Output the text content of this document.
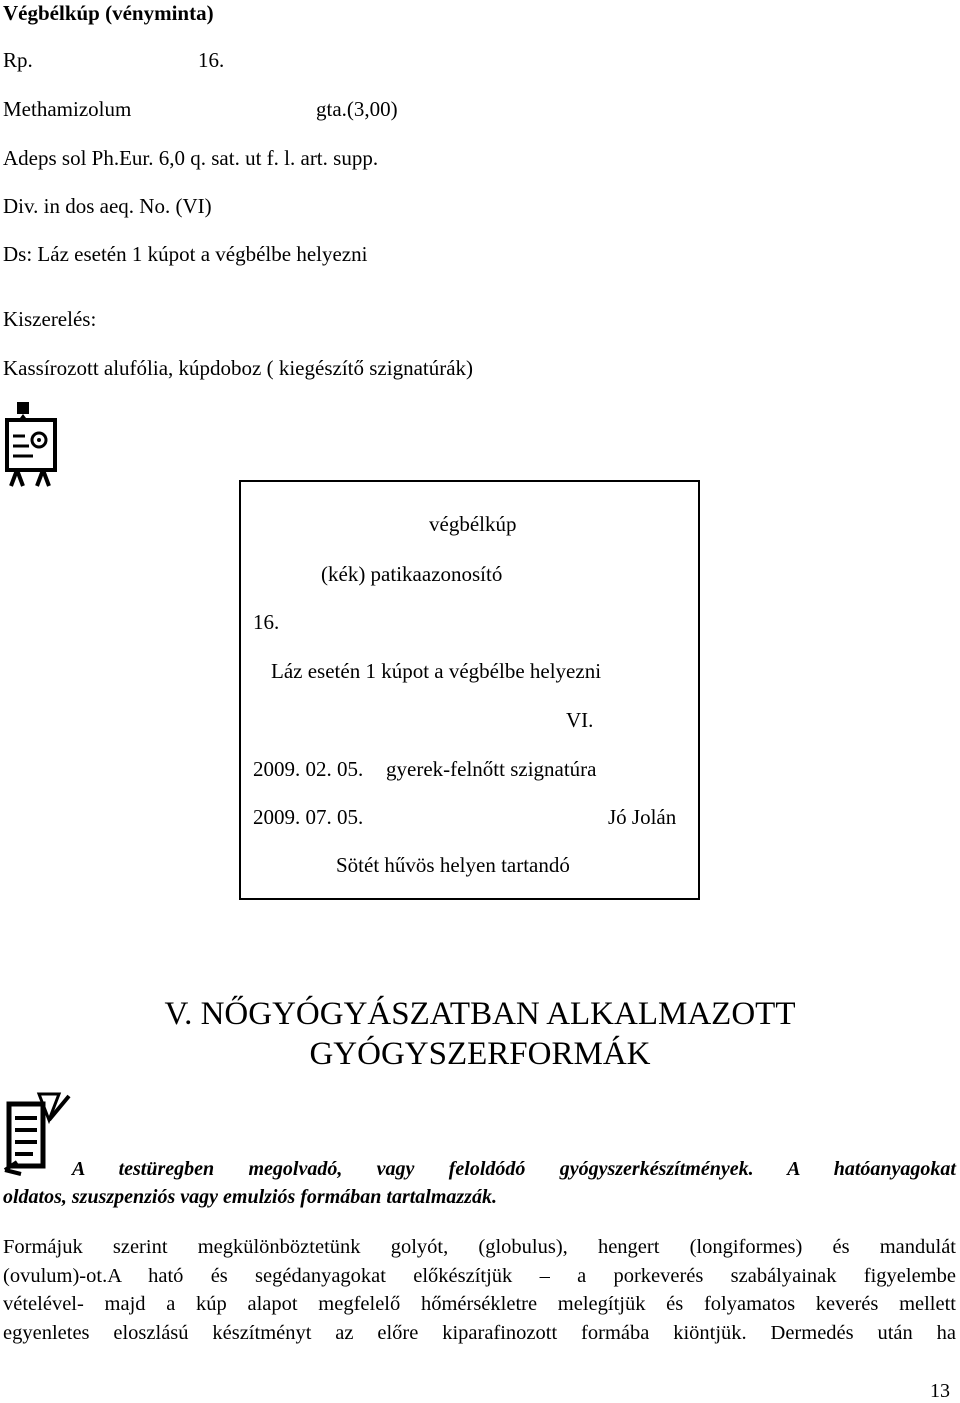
Végbélkúp (vényminta)
Rp.	16.
Methamizolum	gta.(3,00)
Adeps sol Ph.Eur. 6,0 q. sat. ut f. l. art. supp.
Div. in dos aeq. No. (VI)
Ds: Láz esetén 1 kúpot a végbélbe helyezni
Kiszerelés:
Kassírozott alufólia, kúpdoboz ( kiegészítő szignatúrák)
végbélkúp
(kék) patikaazonosító
16.
Láz esetén 1 kúpot a végbélbe helyezni
VI.
2009. 02. 05. gyerek-felnőtt szignatúra
2009. 07. 05.	Jó Jolán
Sötét hűvös helyen tartandó
V. NŐGYÓGYÁSZATBAN ALKALMAZOTT
GYÓGYSZERFORMÁK
A testüregben megolvadó, vagy feloldódó gyógyszerkészítmények. A hatóanyagokat
oldatos, szuszpenziós vagy emulziós formában tartalmazzák.
Formájuk szerint megkülönböztetünk golyót, (globulus), hengert (longiformes) és mandulát
(ovulum)-ot.A ható és segédanyagokat előkészítjük – a porkeverés szabályainak figyelembe
vételével- majd a kúp alapot megfelelő hőmérsékletre melegítjük és folyamatos keverés mellett
egyenletes eloszlású készítményt az előre kiparafinozott formába kiöntjük. Dermedés után ha
13
